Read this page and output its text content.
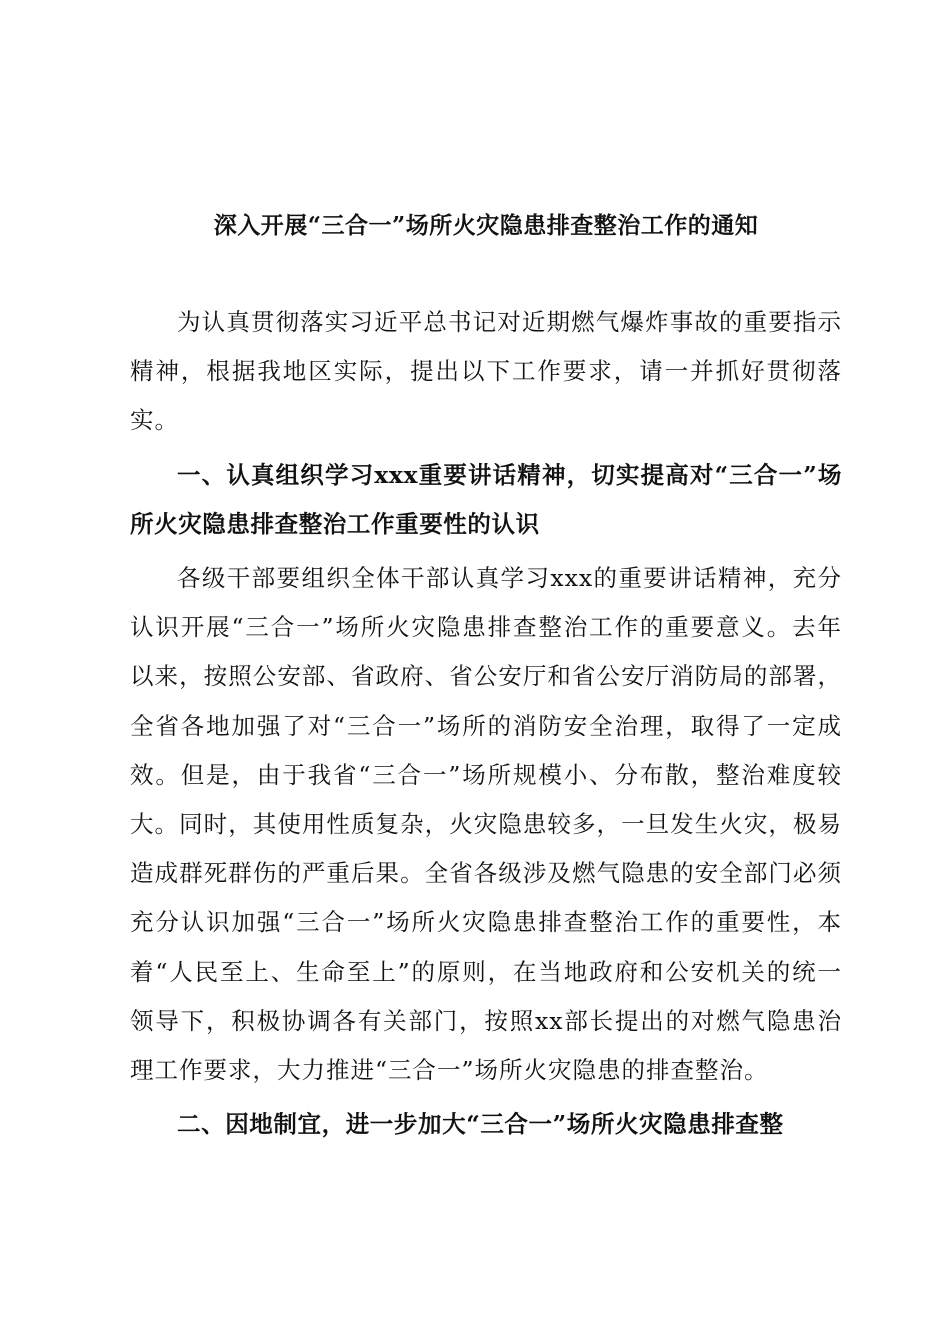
深入开展“三合一”场所火灾隐患排查整治工作的通知

为认真贯彻落实习近平总书记对近期燃气爆炸事故的重要指示精神，根据我地区实际，提出以下工作要求，请一并抓好贯彻落实。

一、认真组织学习xxx重要讲话精神，切实提高对“三合一”场所火灾隐患排查整治工作重要性的认识

各级干部要组织全体干部认真学习xxx的重要讲话精神，充分认识开展“三合一”场所火灾隐患排查整治工作的重要意义。去年以来，按照公安部、省政府、省公安厅和省公安厅消防局的部署，全省各地加强了对“三合一”场所的消防安全治理，取得了一定成效。但是，由于我省“三合一”场所规模小、分布散，整治难度较大。同时，其使用性质复杂，火灾隐患较多，一旦发生火灾，极易造成群死群伤的严重后果。全省各级涉及燃气隐患的安全部门必须充分认识加强“三合一”场所火灾隐患排查整治工作的重要性，本着“人民至上、生命至上”的原则，在当地政府和公安机关的统一领导下，积极协调各有关部门，按照xx部长提出的对燃气隐患治理工作要求，大力推进“三合一”场所火灾隐患的排查整治。

二、因地制宜，进一步加大“三合一”场所火灾隐患排查整
